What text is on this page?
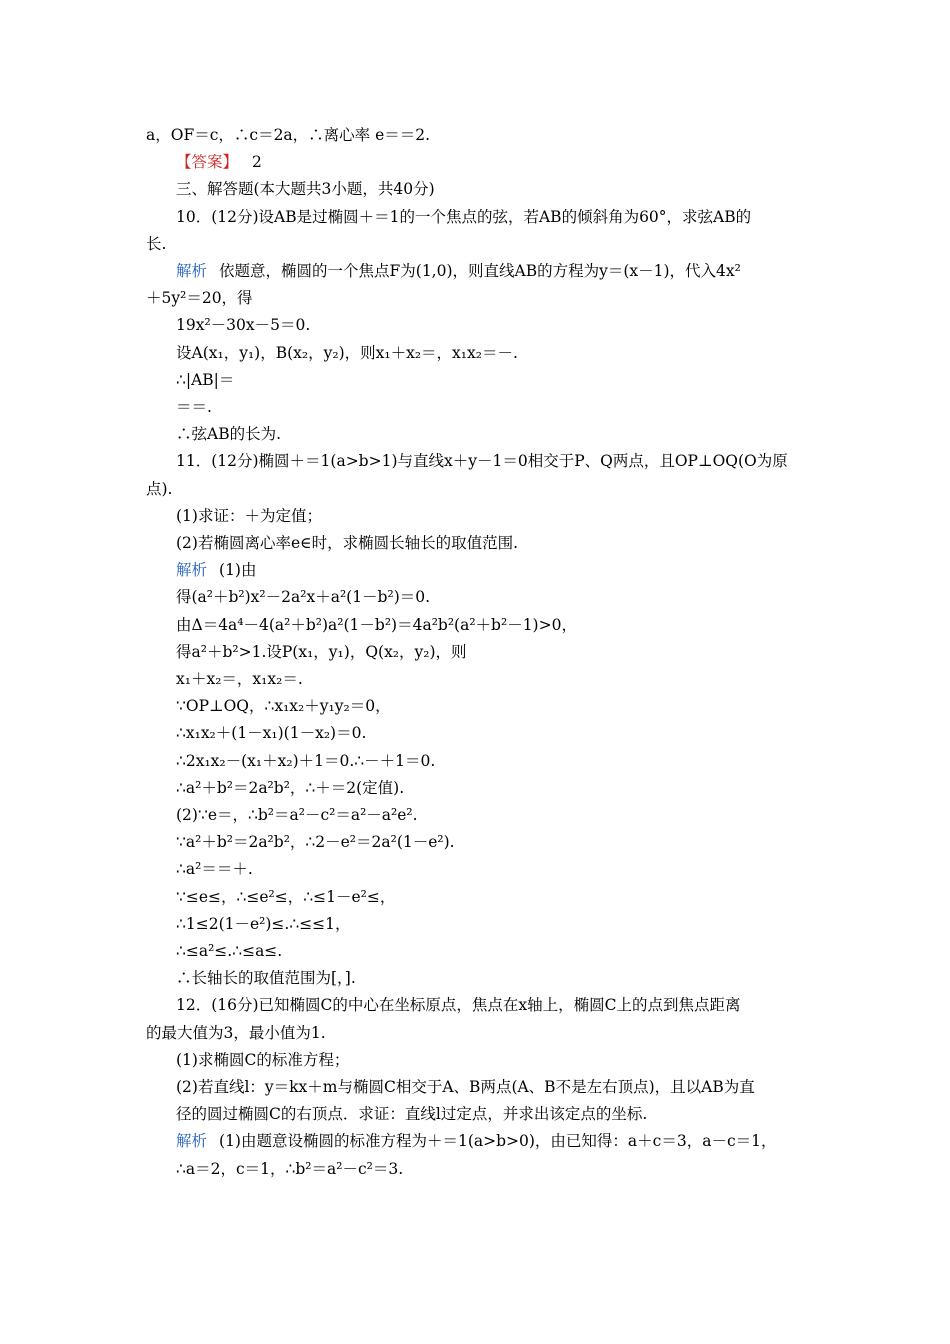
a，OF＝c，∴c＝2a，∴离心率 e＝＝2.
【答案】 2
三、解答题(本大题共3小题，共40分)
10．(12分)设AB是过椭圆＋＝1的一个焦点的弦，若AB的倾斜角为60°，求弦AB的
长.
解析 依题意，椭圆的一个焦点F为(1,0)，则直线AB的方程为y＝(x－1)，代入4x²
＋5y²＝20，得
19x²－30x－5＝0.
设A(x₁，y₁)，B(x₂，y₂)，则x₁＋x₂＝，x₁x₂＝－.
∴|AB|＝
＝＝.
∴弦AB的长为.
11．(12分)椭圆＋＝1(a>b>1)与直线x＋y－1＝0相交于P、Q两点，且OP⊥OQ(O为原
点).
(1)求证：＋为定值；
(2)若椭圆离心率e∈时，求椭圆长轴长的取值范围.
解析 (1)由
得(a²＋b²)x²－2a²x＋a²(1－b²)＝0.
由Δ＝4a⁴－4(a²＋b²)a²(1－b²)＝4a²b²(a²＋b²－1)>0，
得a²＋b²>1.设P(x₁，y₁)，Q(x₂，y₂)，则
x₁＋x₂＝，x₁x₂＝.
∵OP⊥OQ，∴x₁x₂＋y₁y₂＝0，
∴x₁x₂＋(1－x₁)(1－x₂)＝0.
∴2x₁x₂－(x₁＋x₂)＋1＝0.∴－＋1＝0.
∴a²＋b²＝2a²b²，∴＋＝2(定值).
(2)∵e＝，∴b²＝a²－c²＝a²－a²e².
∵a²＋b²＝2a²b²，∴2－e²＝2a²(1－e²).
∴a²＝＝＋.
∵≤e≤，∴≤e²≤，∴≤1－e²≤，
∴1≤2(1－e²)≤.∴≤≤1，
∴≤a²≤.∴≤a≤.
∴长轴长的取值范围为[，].
12．(16分)已知椭圆C的中心在坐标原点，焦点在x轴上，椭圆C上的点到焦点距离
的最大值为3，最小值为1.
(1)求椭圆C的标准方程；
(2)若直线l：y＝kx＋m与椭圆C相交于A、B两点(A、B不是左右顶点)，且以AB为直
径的圆过椭圆C的右顶点．求证：直线l过定点，并求出该定点的坐标.
解析 (1)由题意设椭圆的标准方程为＋＝1(a>b>0)，由已知得：a＋c＝3，a－c＝1，
∴a＝2，c＝1，∴b²＝a²－c²＝3.
